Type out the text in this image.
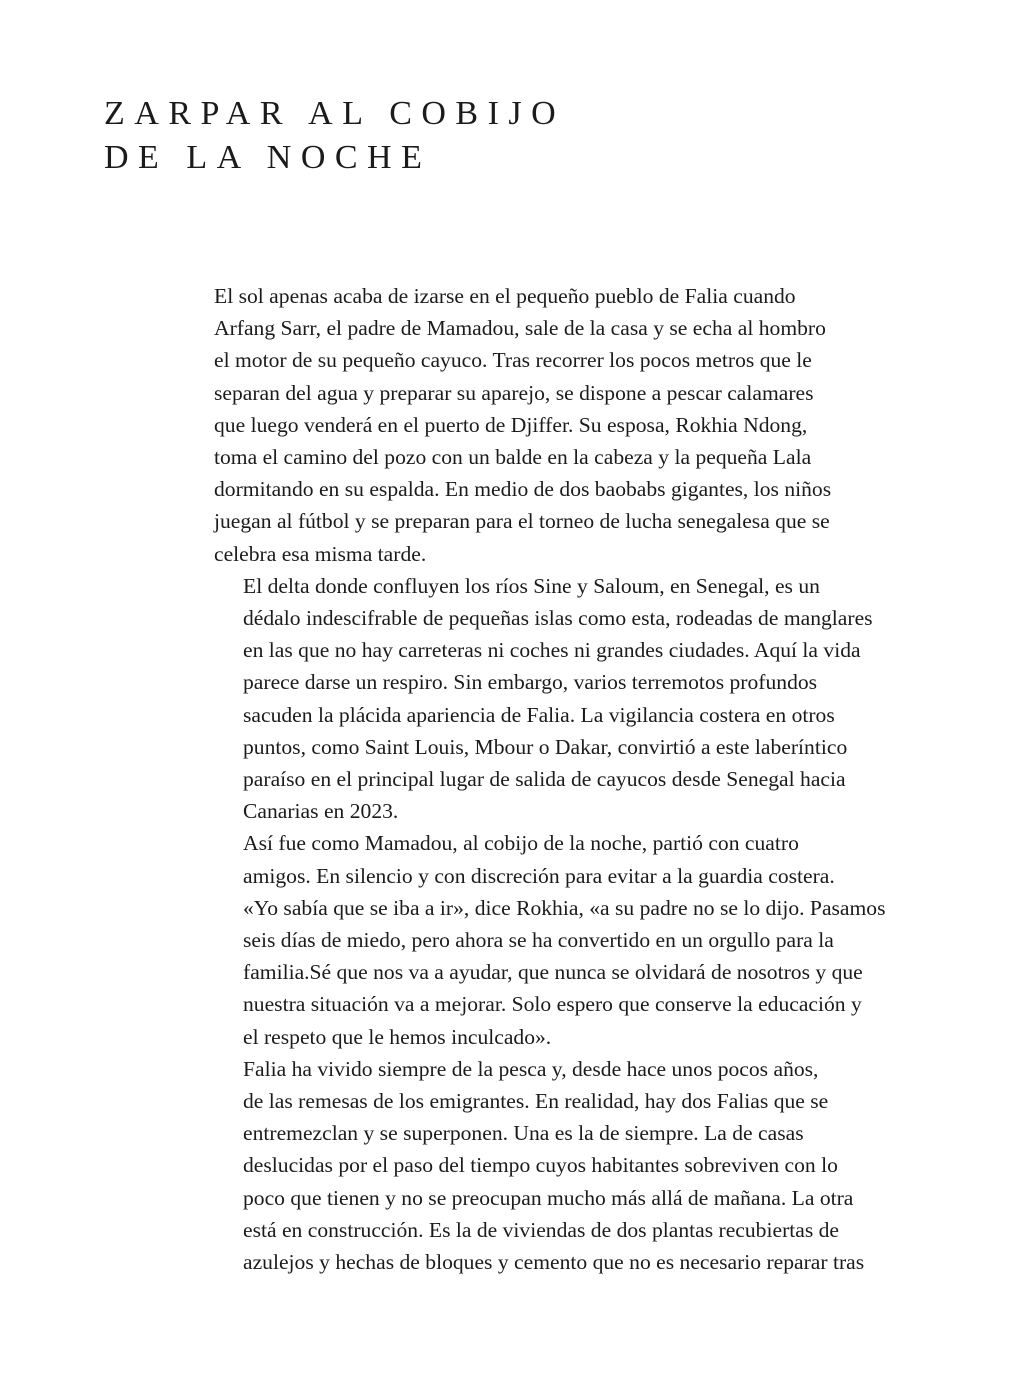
ZARPAR AL COBIJO
DE LA NOCHE

El sol apenas acaba de izarse en el pequeño pueblo de Falia cuando
Arfang Sarr, el padre de Mamadou, sale de la casa y se echa al hombro
el motor de su pequeño cayuco. Tras recorrer los pocos metros que le
separan del agua y preparar su aparejo, se dispone a pescar calamares
que luego venderá en el puerto de Djiffer. Su esposa, Rokhia Ndong,
toma el camino del pozo con un balde en la cabeza y la pequeña Lala
dormitando en su espalda. En medio de dos baobabs gigantes, los niños
juegan al fútbol y se preparan para el torneo de lucha senegalesa que se
celebra esa misma tarde.

El delta donde confluyen los ríos Sine y Saloum, en Senegal, es un
dédalo indescifrable de pequeñas islas como esta, rodeadas de manglares
en las que no hay carreteras ni coches ni grandes ciudades. Aquí la vida
parece darse un respiro. Sin embargo, varios terremotos profundos
sacuden la plácida apariencia de Falia. La vigilancia costera en otros
puntos, como Saint Louis, Mbour o Dakar, convirtió a este laberíntico
paraíso en el principal lugar de salida de cayucos desde Senegal hacia
Canarias en 2023.

Así fue como Mamadou, al cobijo de la noche, partió con cuatro
amigos. En silencio y con discreción para evitar a la guardia costera.
«Yo sabía que se iba a ir», dice Rokhia, «a su padre no se lo dijo. Pasamos
seis días de miedo, pero ahora se ha convertido en un orgullo para la
familia.Sé que nos va a ayudar, que nunca se olvidará de nosotros y que
nuestra situación va a mejorar. Solo espero que conserve la educación y
el respeto que le hemos inculcado».

Falia ha vivido siempre de la pesca y, desde hace unos pocos años,
de las remesas de los emigrantes. En realidad, hay dos Falias que se
entremezclan y se superponen. Una es la de siempre. La de casas
deslucidas por el paso del tiempo cuyos habitantes sobreviven con lo
poco que tienen y no se preocupan mucho más allá de mañana. La otra
está en construcción. Es la de viviendas de dos plantas recubiertas de
azulejos y hechas de bloques y cemento que no es necesario reparar tras
